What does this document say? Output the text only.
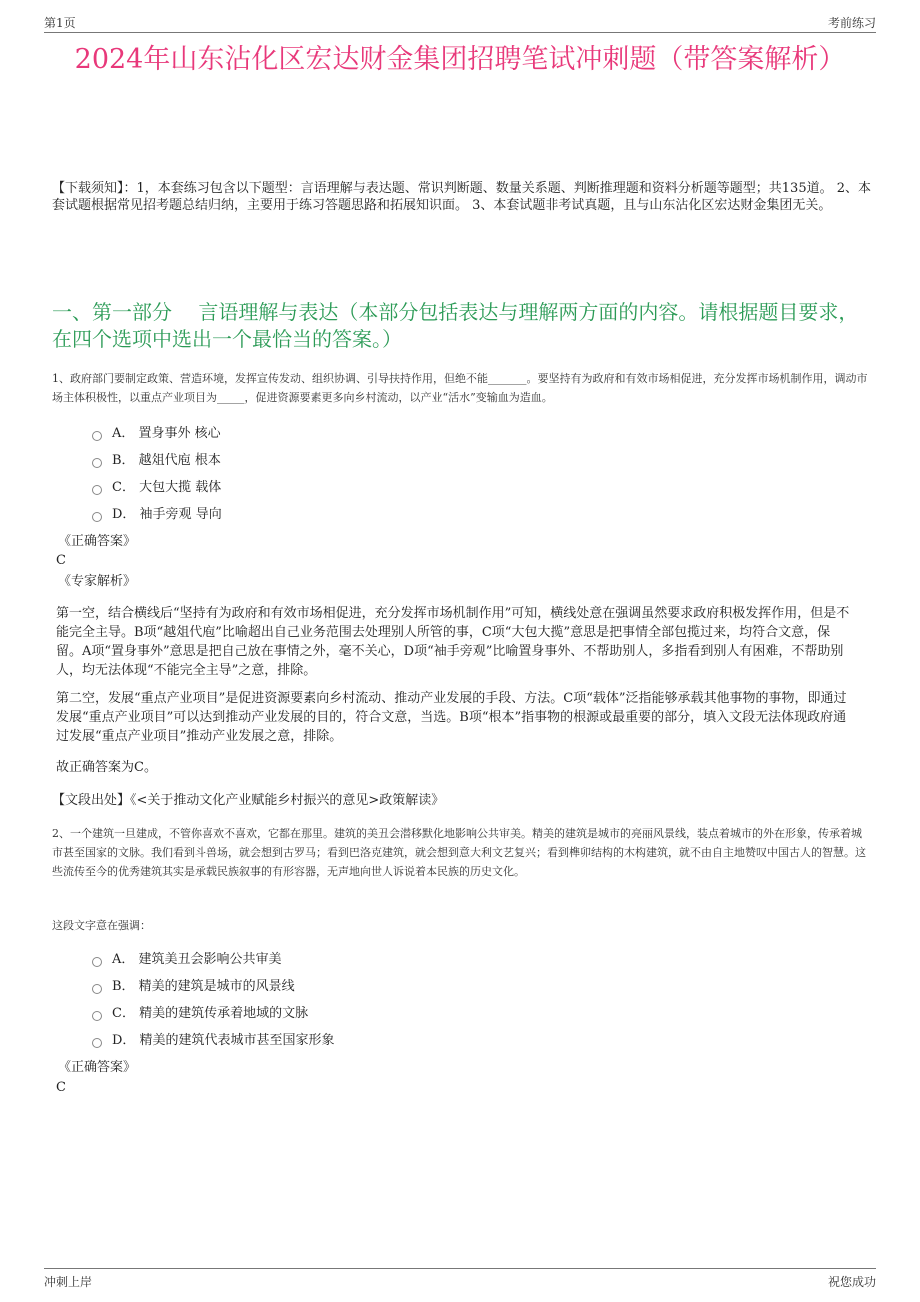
第1页	考前练习
2024年山东沾化区宏达财金集团招聘笔试冲刺题（带答案解析）
【下载须知】：1，本套练习包含以下题型：言语理解与表达题、常识判断题、数量关系题、判断推理题和资料分析题等题型；共135道。 2、本套试题根据常见招考题总结归纳，主要用于练习答题思路和拓展知识面。 3、本套试题非考试真题，且与山东沾化区宏达财金集团无关。
一、第一部分　 言语理解与表达（本部分包括表达与理解两方面的内容。请根据题目要求，在四个选项中选出一个最恰当的答案。）
1、政府部门要制定政策、营造环境，发挥宣传发动、组织协调、引导扶持作用，但绝不能_______。要坚持有为政府和有效市场相促进，充分发挥市场机制作用，调动市场主体积极性，以重点产业项目为_____，促进资源要素更多向乡村流动，以产业“活水”变输血为造血。
A． 置身事外 核心
B． 越俎代庖 根本
C． 大包大揽 载体
D． 袖手旁观 导向
《正确答案》
C
《专家解析》
第一空，结合横线后“坚持有为政府和有效市场相促进，充分发挥市场机制作用”可知，横线处意在强调虽然要求政府积极发挥作用，但是不能完全主导。B项“越俎代庖”比喻超出自己业务范围去处理别人所管的事，C项“大包大揽”意思是把事情全部包揽过来，均符合文意，保留。A项“置身事外”意思是把自己放在事情之外，毫不关心，D项“袖手旁观”比喻置身事外、不帮助别人，多指看到别人有困难，不帮助别人，均无法体现“不能完全主导”之意，排除。
第二空，发展“重点产业项目”是促进资源要素向乡村流动、推动产业发展的手段、方法。C项“载体”泛指能够承载其他事物的事物，即通过发展“重点产业项目”可以达到推动产业发展的目的，符合文意，当选。B项“根本”指事物的根源或最重要的部分，填入文段无法体现政府通过发展“重点产业项目”推动产业发展之意，排除。
故正确答案为C。
【文段出处】《<关于推动文化产业赋能乡村振兴的意见>政策解读》
2、一个建筑一旦建成，不管你喜欢不喜欢，它都在那里。建筑的美丑会潜移默化地影响公共审美。精美的建筑是城市的亮丽风景线，装点着城市的外在形象，传承着城市甚至国家的文脉。我们看到斗兽场，就会想到古罗马；看到巴洛克建筑，就会想到意大利文艺复兴；看到榫卯结构的木构建筑，就不由自主地赞叹中国古人的智慧。这些流传至今的优秀建筑其实是承载民族叙事的有形容器，无声地向世人诉说着本民族的历史文化。
这段文字意在强调：
A． 建筑美丑会影响公共审美
B． 精美的建筑是城市的风景线
C． 精美的建筑传承着地域的文脉
D． 精美的建筑代表城市甚至国家形象
《正确答案》
C
冲刺上岸	祝您成功
